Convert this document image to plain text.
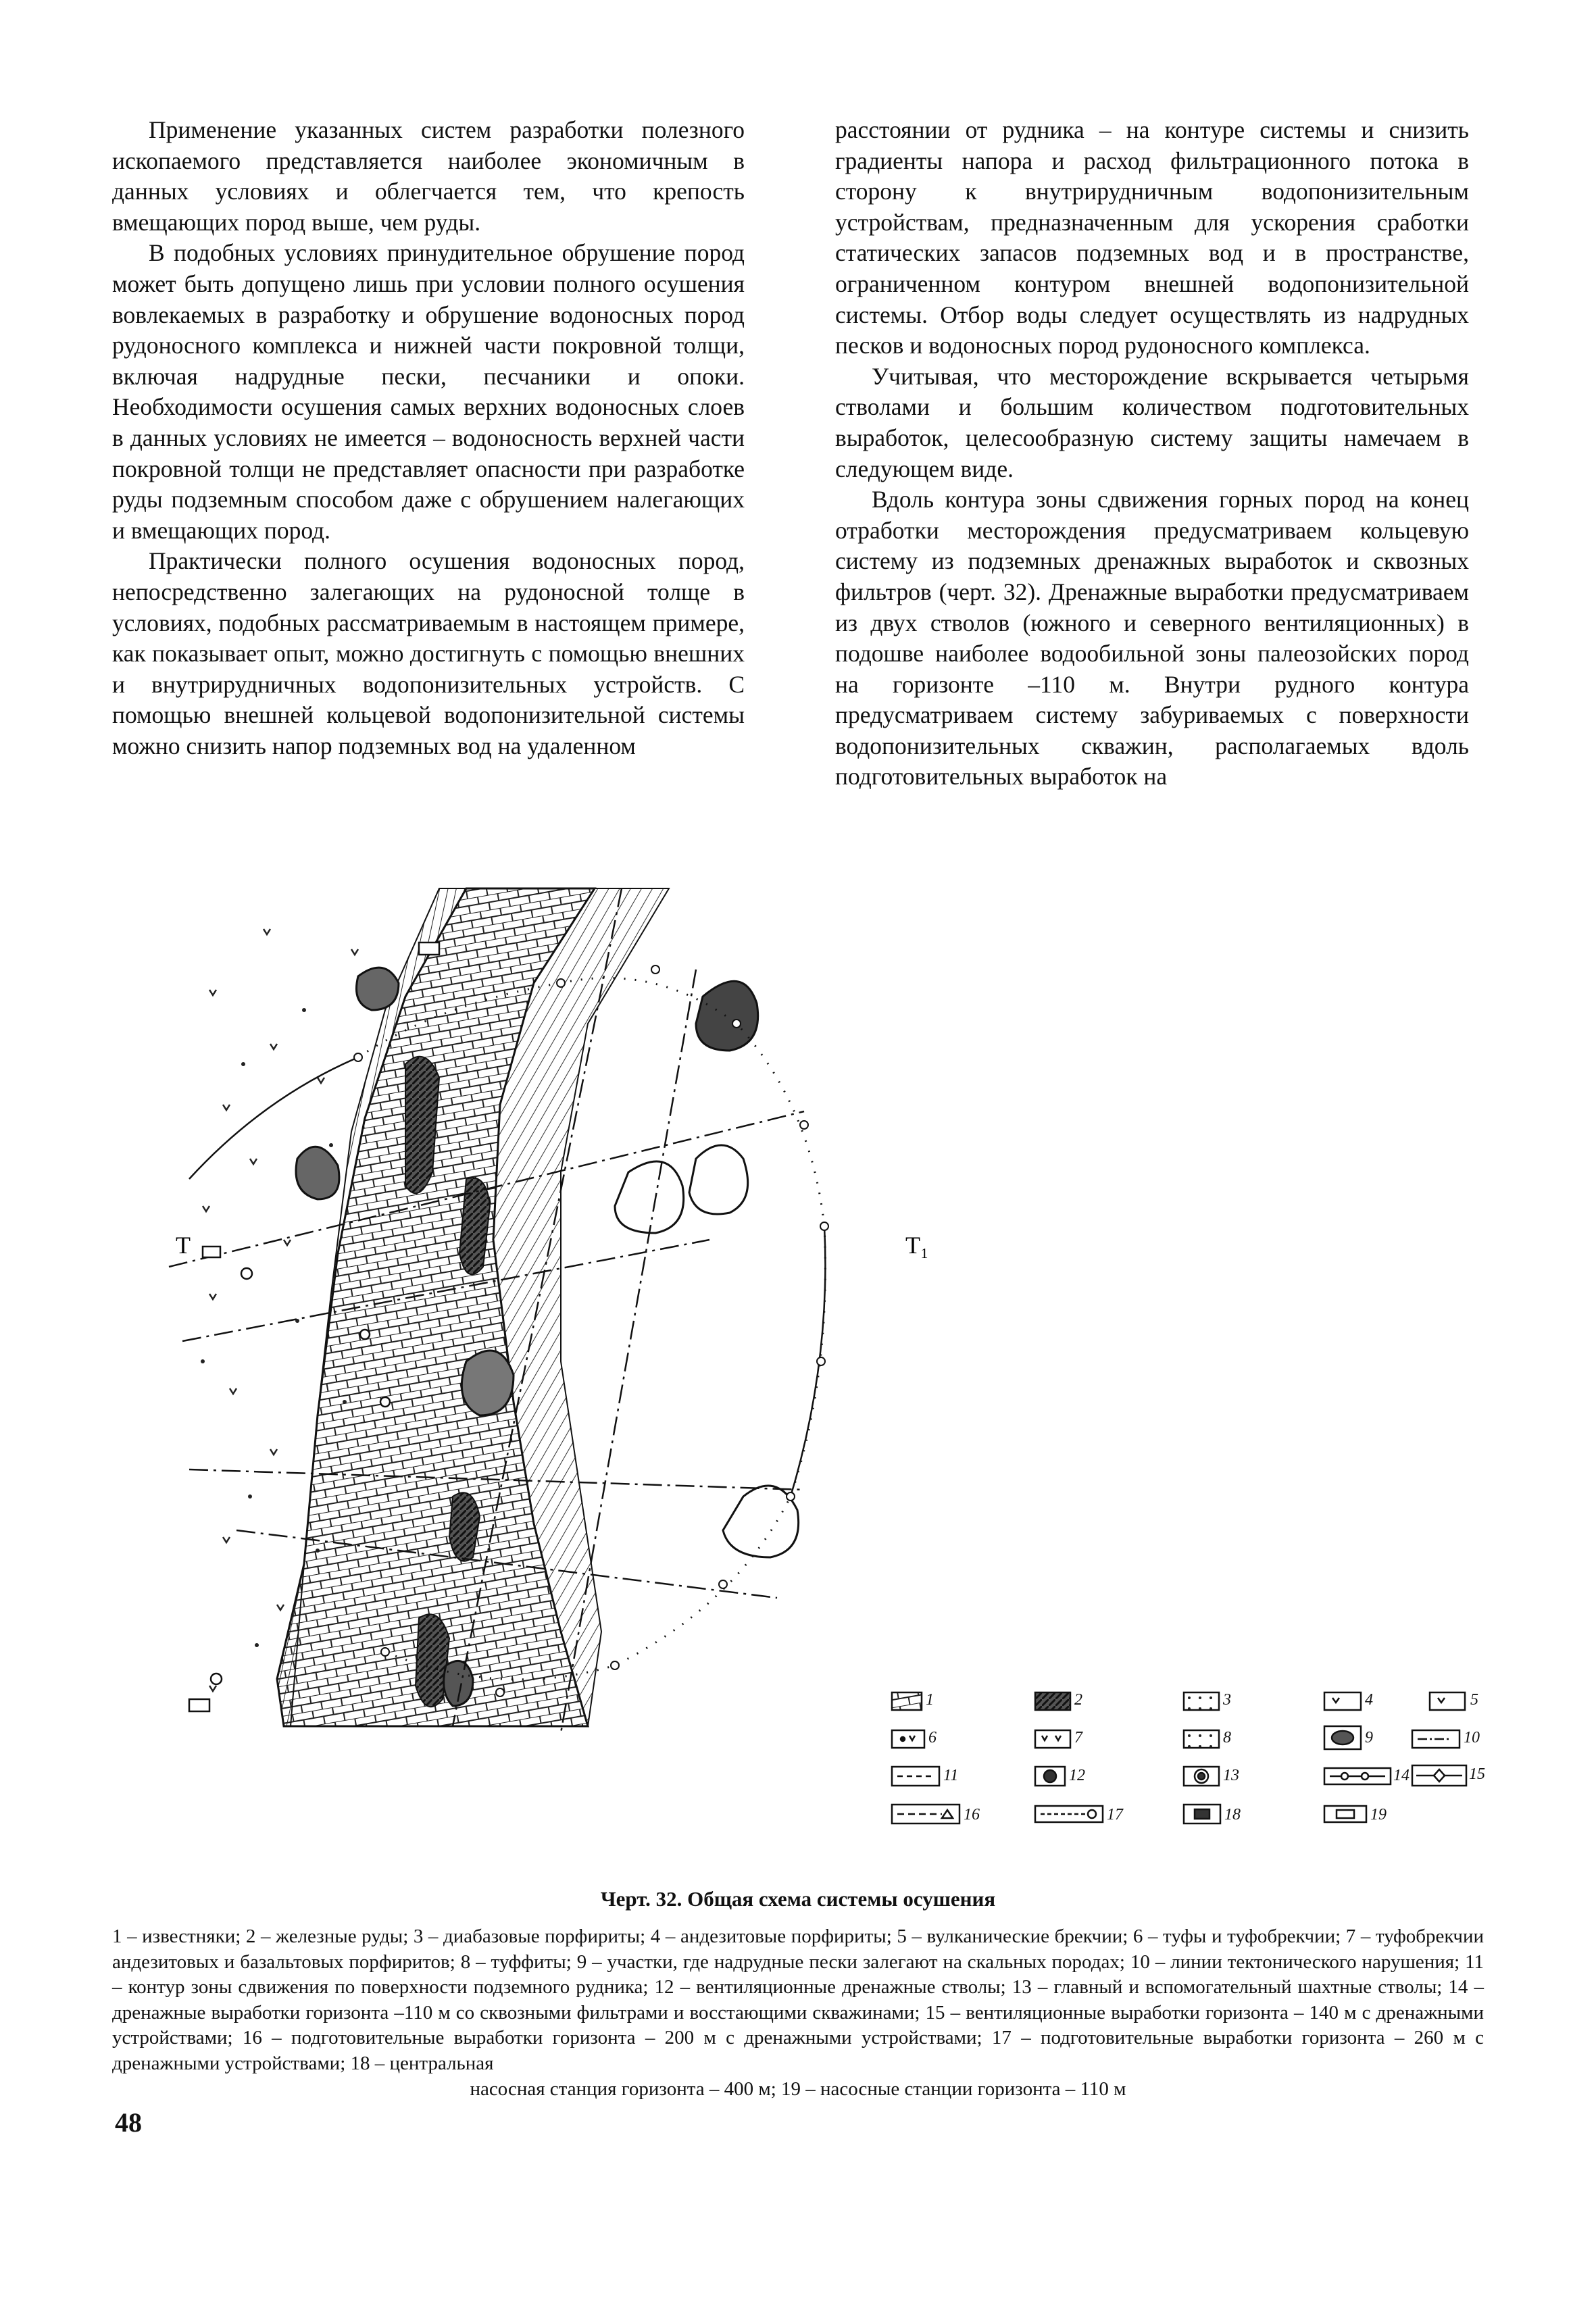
Применение указанных систем разработки полезного ископаемого представляется наиболее экономичным в данных условиях и облегчается тем, что крепость вмещающих пород выше, чем руды.

В подобных условиях принудительное обрушение пород может быть допущено лишь при условии полного осушения вовлекаемых в разработку и обрушение водоносных пород рудоносного комплекса и нижней части покровной толщи, включая надрудные пески, песчаники и опоки. Необходимости осушения самых верхних водоносных слоев в данных условиях не имеется – водоносность верхней части покровной толщи не представляет опасности при разработке руды подземным способом даже с обрушением налегающих и вмещающих пород.

Практически полного осушения водоносных пород, непосредственно залегающих на рудоносной толще в условиях, подобных рассматриваемым в настоящем примере, как показывает опыт, можно достигнуть с помощью внешних и внутрирудничных водопонизительных устройств. С помощью внешней кольцевой водопонизительной системы можно снизить напор подземных вод на удаленном

расстоянии от рудника – на контуре системы и снизить градиенты напора и расход фильтрационного потока в сторону к внутрирудничным водопонизительным устройствам, предназначенным для ускорения сработки статических запасов подземных вод и в пространстве, ограниченном контуром внешней водопонизительной системы. Отбор воды следует осуществлять из надрудных песков и водоносных пород рудоносного комплекса.

Учитывая, что месторождение вскрывается четырьмя стволами и большим количеством подготовительных выработок, целесообразную систему защиты намечаем в следующем виде.

Вдоль контура зоны сдвижения горных пород на конец отработки месторождения предусматриваем кольцевую систему из подземных дренажных выработок и сквозных фильтров (черт. 32). Дренажные выработки предусматриваем из двух стволов (южного и северного вентиляционных) в подошве наиболее водообильной зоны палеозойских пород на горизонте –110 м. Внутри рудного контура предусматриваем систему забуриваемых с поверхности водопонизительных скважин, располагаемых вдоль подготовительных выработок на

Т	Т₁
1	2	3	4	5
6	7	8	9	10
11	12	13	14	15
16	17	18	19
Черт. 32. Общая схема системы осушения
1 – известняки; 2 – железные руды; 3 – диабазовые порфириты; 4 – андезитовые порфириты; 5 – вулканические брекчии; 6 – туфы и туфобрекчии; 7 – туфобрекчии андезитовых и базальтовых порфиритов; 8 – туффиты; 9 – участки, где надрудные пески залегают на скальных породах; 10 – линии тектонического нарушения; 11 – контур зоны сдвижения по поверхности подземного рудника; 12 – вентиляционные дренажные стволы; 13 – главный и вспомогательный шахтные стволы; 14 – дренажные выработки горизонта –110 м со сквозными фильтрами и восстающими скважинами; 15 – вентиляционные выработки горизонта – 140 м с дренажными устройствами; 16 – подготовительные выработки горизонта – 200 м с дренажными устройствами; 17 – подготовительные выработки горизонта – 260 м с дренажными устройствами; 18 – центральная
насосная станция горизонта – 400 м; 19 – насосные станции горизонта – 110 м
48
